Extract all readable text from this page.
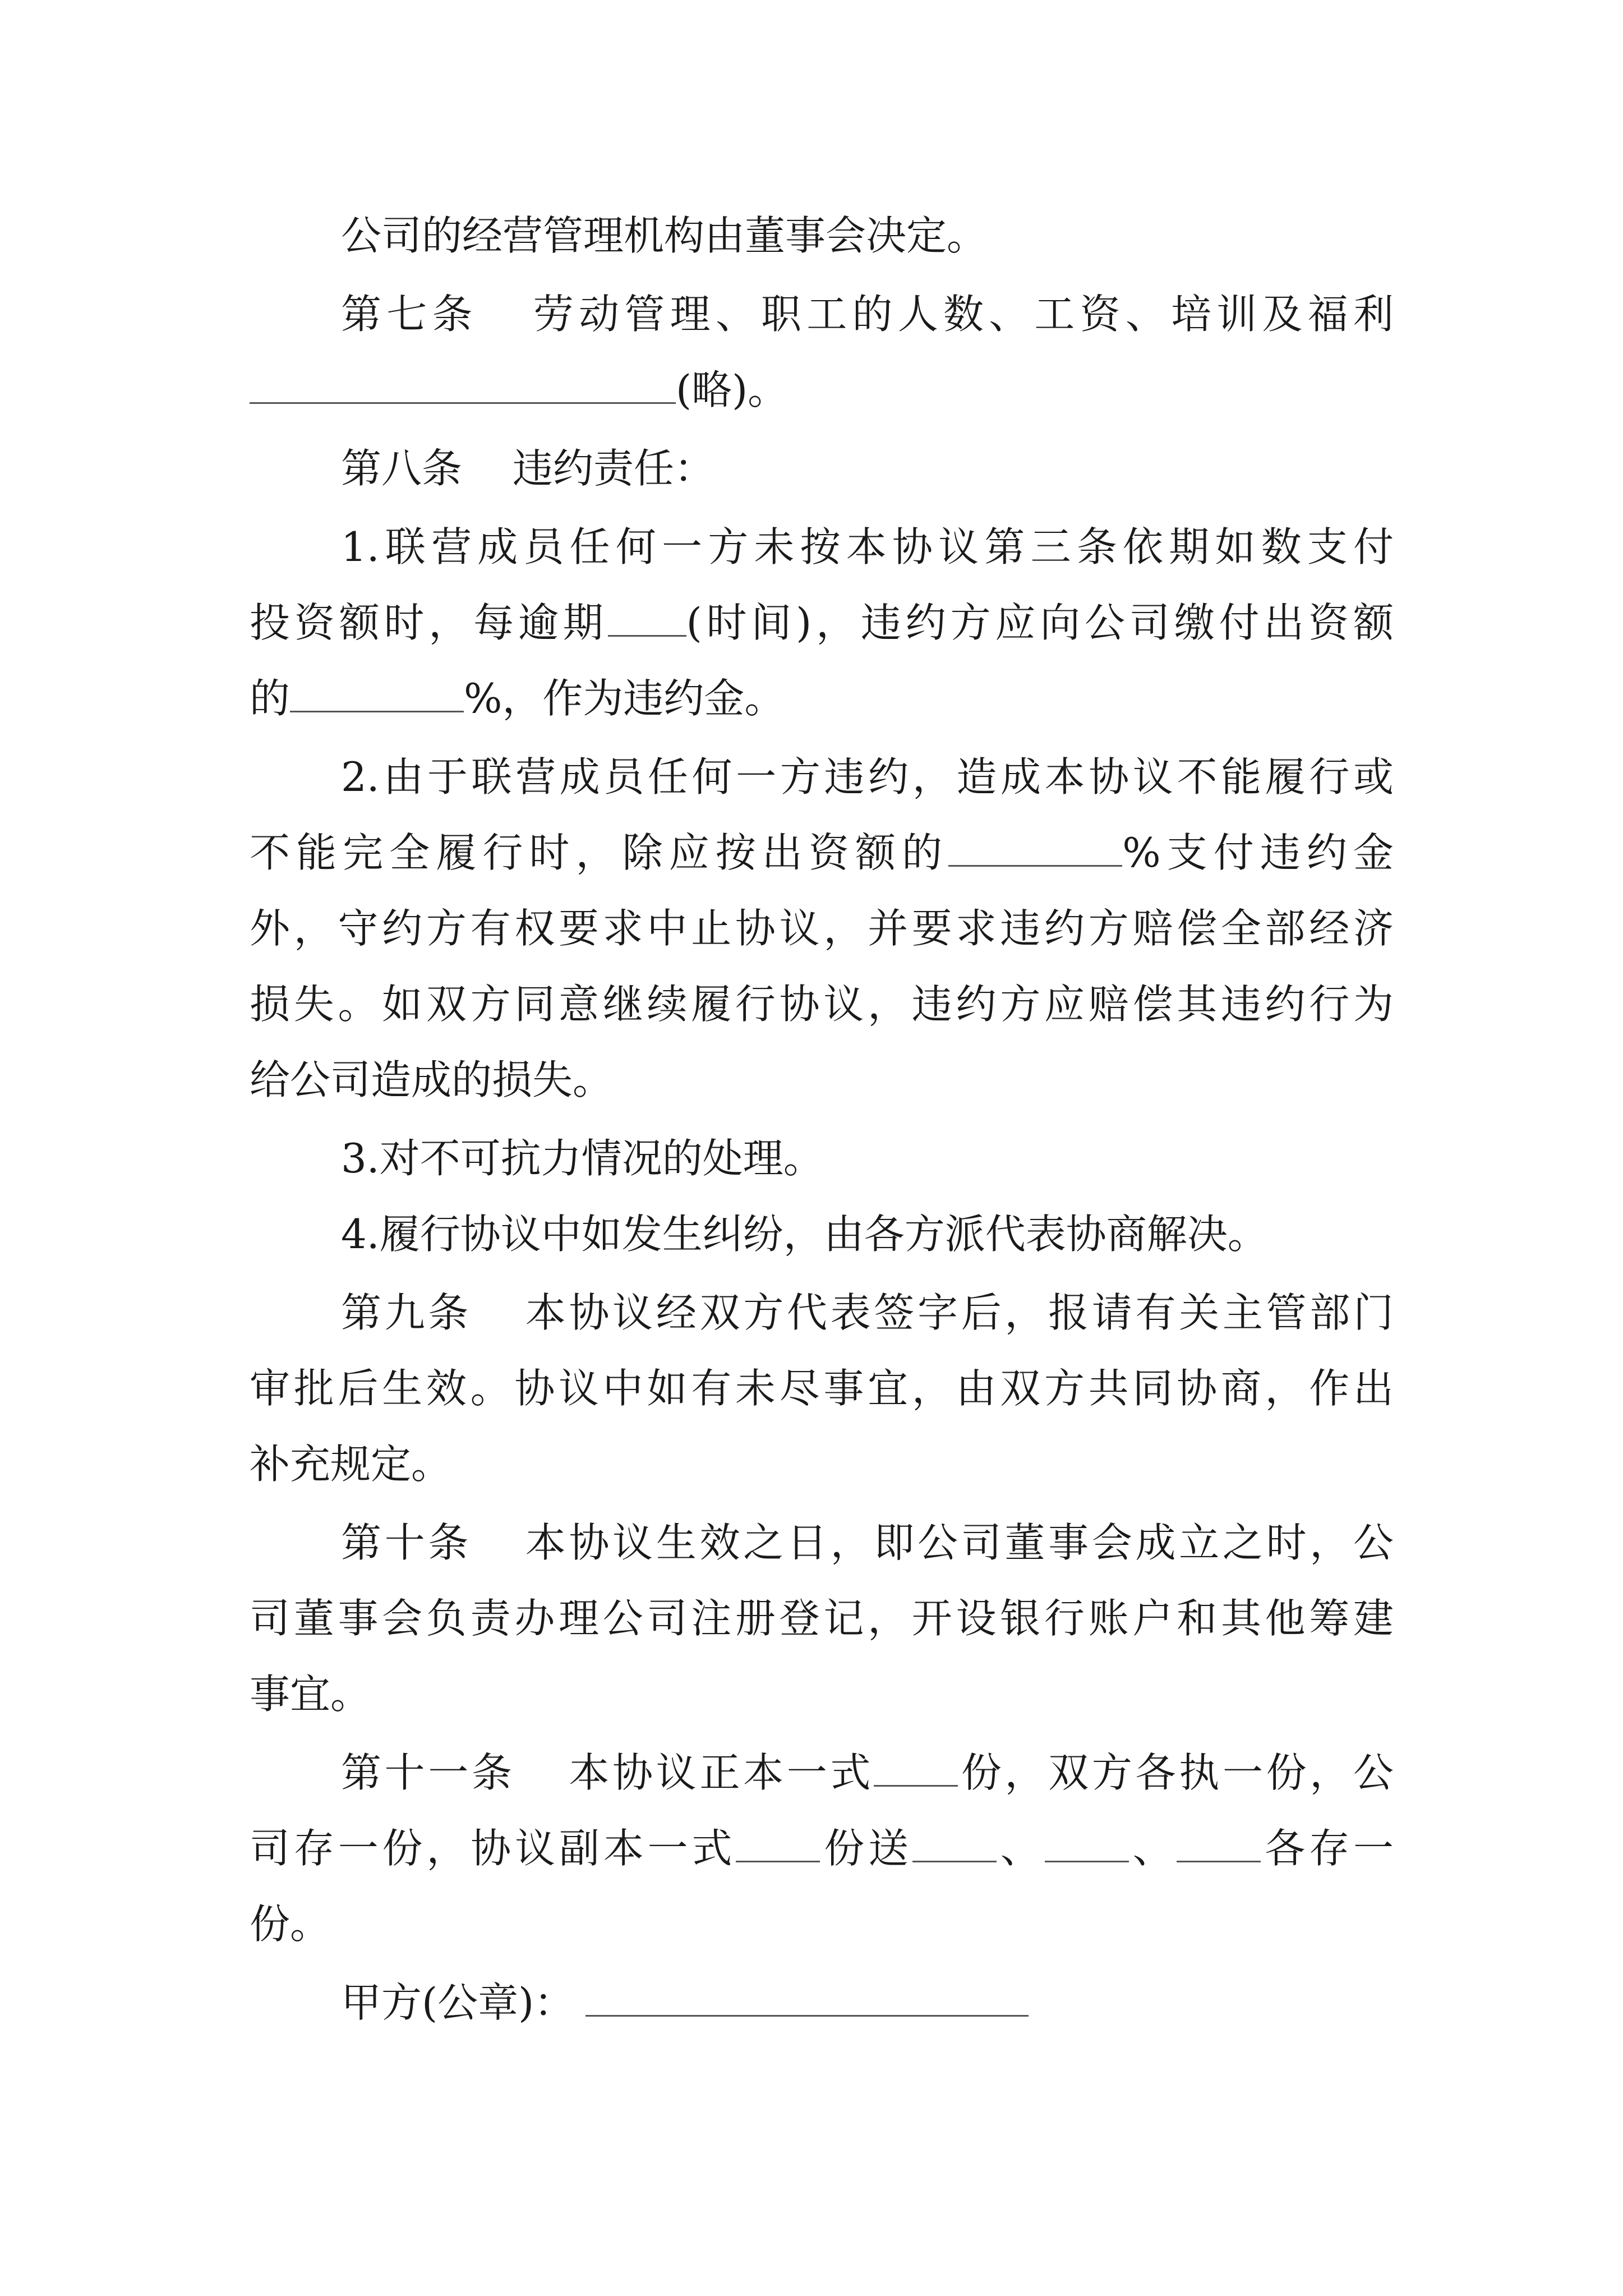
公司的经营管理机构由董事会决定。
第七条 劳动管理、职工的人数、工资、培训及福利
(略)。
第八条 违约责任：
1.联营成员任何一方未按本协议第三条依期如数支付
投资额时，每逾期 (时间)，违约方应向公司缴付出资额
的	%，作为违约金。
2.由于联营成员任何一方违约，造成本协议不能履行或
不能完全履行时，除应按出资额的	%支付违约金
外，守约方有权要求中止协议，并要求违约方赔偿全部经济
损失。如双方同意继续履行协议，违约方应赔偿其违约行为
给公司造成的损失。
3.对不可抗力情况的处理。
4.履行协议中如发生纠纷，由各方派代表协商解决。
第九条 本协议经双方代表签字后，报请有关主管部门
审批后生效。协议中如有未尽事宜，由双方共同协商，作出
补充规定。
第十条 本协议生效之日，即公司董事会成立之时，公
司董事会负责办理公司注册登记，开设银行账户和其他筹建
事宜。
第十一条 本协议正本一式 份，双方各执一份，公
司存一份，协议副本一式 份送 、 、 各存一
份。
甲方(公章)：
